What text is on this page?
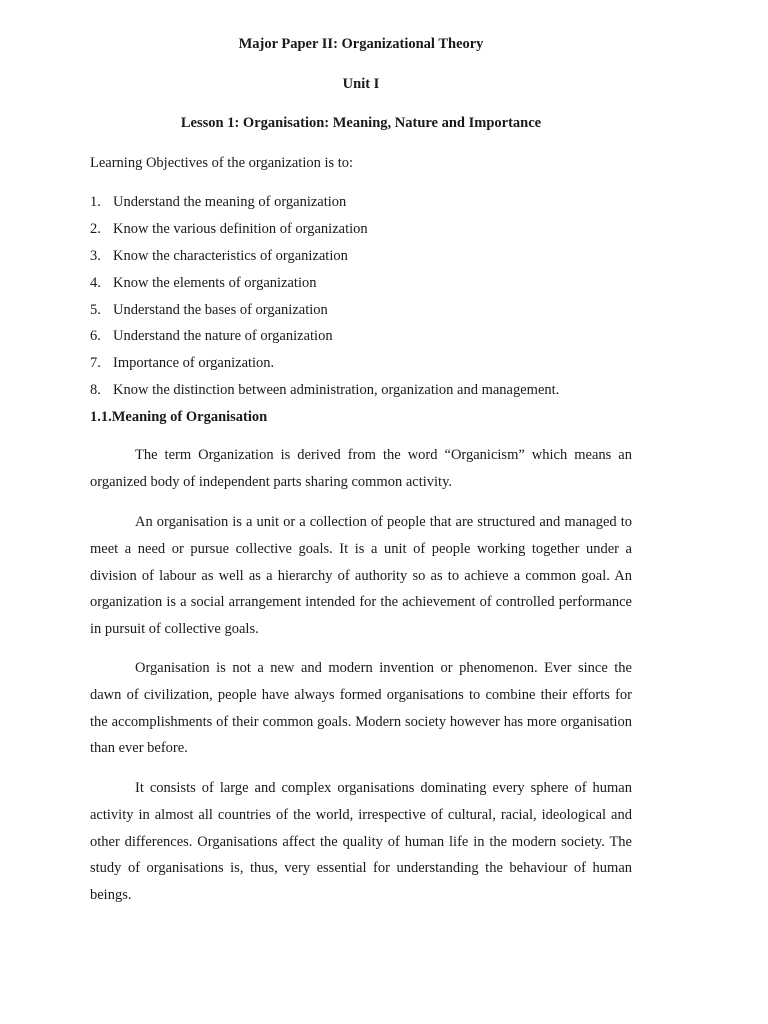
Major Paper II: Organizational Theory
Unit I
Lesson 1: Organisation: Meaning, Nature and Importance
Learning Objectives of the organization is to:
1. Understand the meaning of organization
2. Know the various definition of organization
3. Know the characteristics of organization
4. Know the elements of organization
5. Understand the bases of organization
6. Understand the nature of organization
7. Importance of organization.
8. Know the distinction between administration, organization and management.
1.1.Meaning of Organisation

The term Organization is derived from the word “Organicism” which means an organized body of independent parts sharing common activity.

An organisation is a unit or a collection of people that are structured and managed to meet a need or pursue collective goals. It is a unit of people working together under a division of labour as well as a hierarchy of authority so as to achieve a common goal. An organization is a social arrangement intended for the achievement of controlled performance in pursuit of collective goals.

Organisation is not a new and modern invention or phenomenon. Ever since the dawn of civilization, people have always formed organisations to combine their efforts for the accomplishments of their common goals. Modern society however has more organisation than ever before.

It consists of large and complex organisations dominating every sphere of human activity in almost all countries of the world, irrespective of cultural, racial, ideological and other differences. Organisations affect the quality of human life in the modern society. The study of organisations is, thus, very essential for understanding the behaviour of human beings.
